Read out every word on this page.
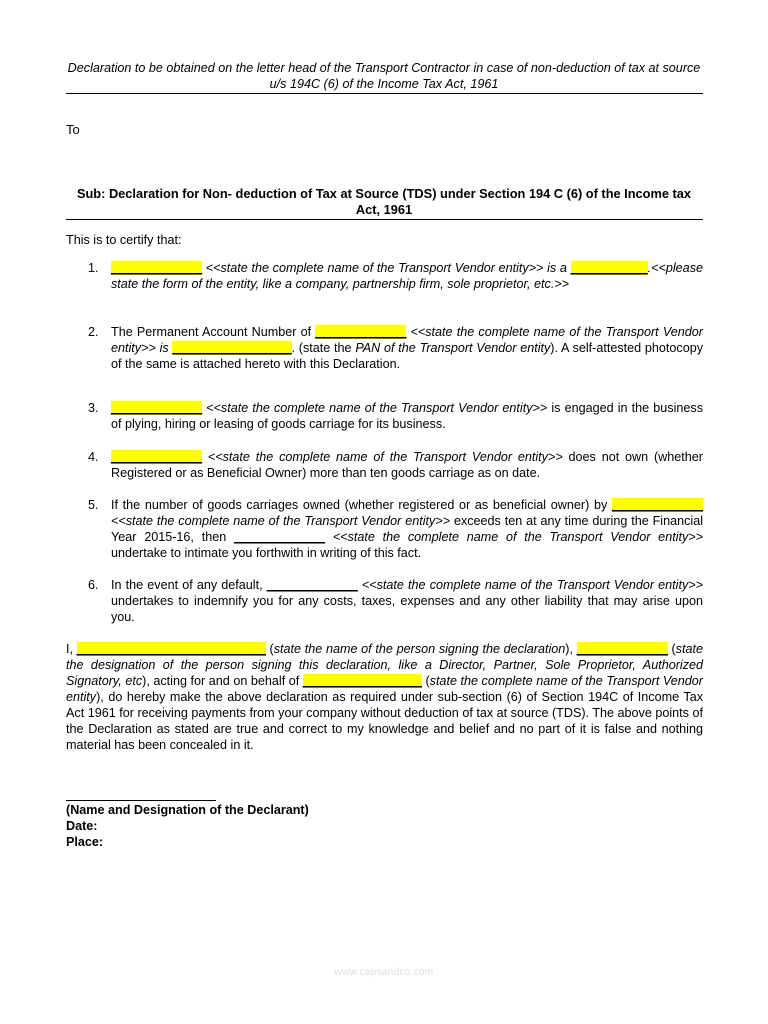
Declaration to be obtained on the letter head of the Transport Contractor in case of non-deduction of tax at source u/s 194C (6) of the Income Tax Act, 1961
To
Sub: Declaration for Non- deduction of Tax at Source (TDS) under Section 194 C (6) of the Income tax Act, 1961
This is to certify that:
1. _____________ <<state the complete name of the Transport Vendor entity>> is a ___________.<<please state the form of the entity, like a company, partnership firm, sole proprietor, etc.>>
2. The Permanent Account Number of _____________ <<state the complete name of the Transport Vendor entity>> is _________________. (state the PAN of the Transport Vendor entity). A self-attested photocopy of the same is attached hereto with this Declaration.
3. _____________ <<state the complete name of the Transport Vendor entity>> is engaged in the business of plying, hiring or leasing of goods carriage for its business.
4. _____________ <<state the complete name of the Transport Vendor entity>> does not own (whether Registered or as Beneficial Owner) more than ten goods carriage as on date.
5. If the number of goods carriages owned (whether registered or as beneficial owner) by _____________ <<state the complete name of the Transport Vendor entity>> exceeds ten at any time during the Financial Year 2015-16, then _____________ <<state the complete name of the Transport Vendor entity>> undertake to intimate you forthwith in writing of this fact.
6. In the event of any default, _____________ <<state the complete name of the Transport Vendor entity>> undertakes to indemnify you for any costs, taxes, expenses and any other liability that may arise upon you.
I, ___________________________ (state the name of the person signing the declaration), _____________ (state the designation of the person signing this declaration, like a Director, Partner, Sole Proprietor, Authorized Signatory, etc), acting for and on behalf of _________________ (state the complete name of the Transport Vendor entity), do hereby make the above declaration as required under sub-section (6) of Section 194C of Income Tax Act 1961 for receiving payments from your company without deduction of tax at source (TDS). The above points of the Declaration as stated are true and correct to my knowledge and belief and no part of it is false and nothing material has been concealed in it.
(Name and Designation of the Declarant)
Date:
Place:
www.capsandco.com
